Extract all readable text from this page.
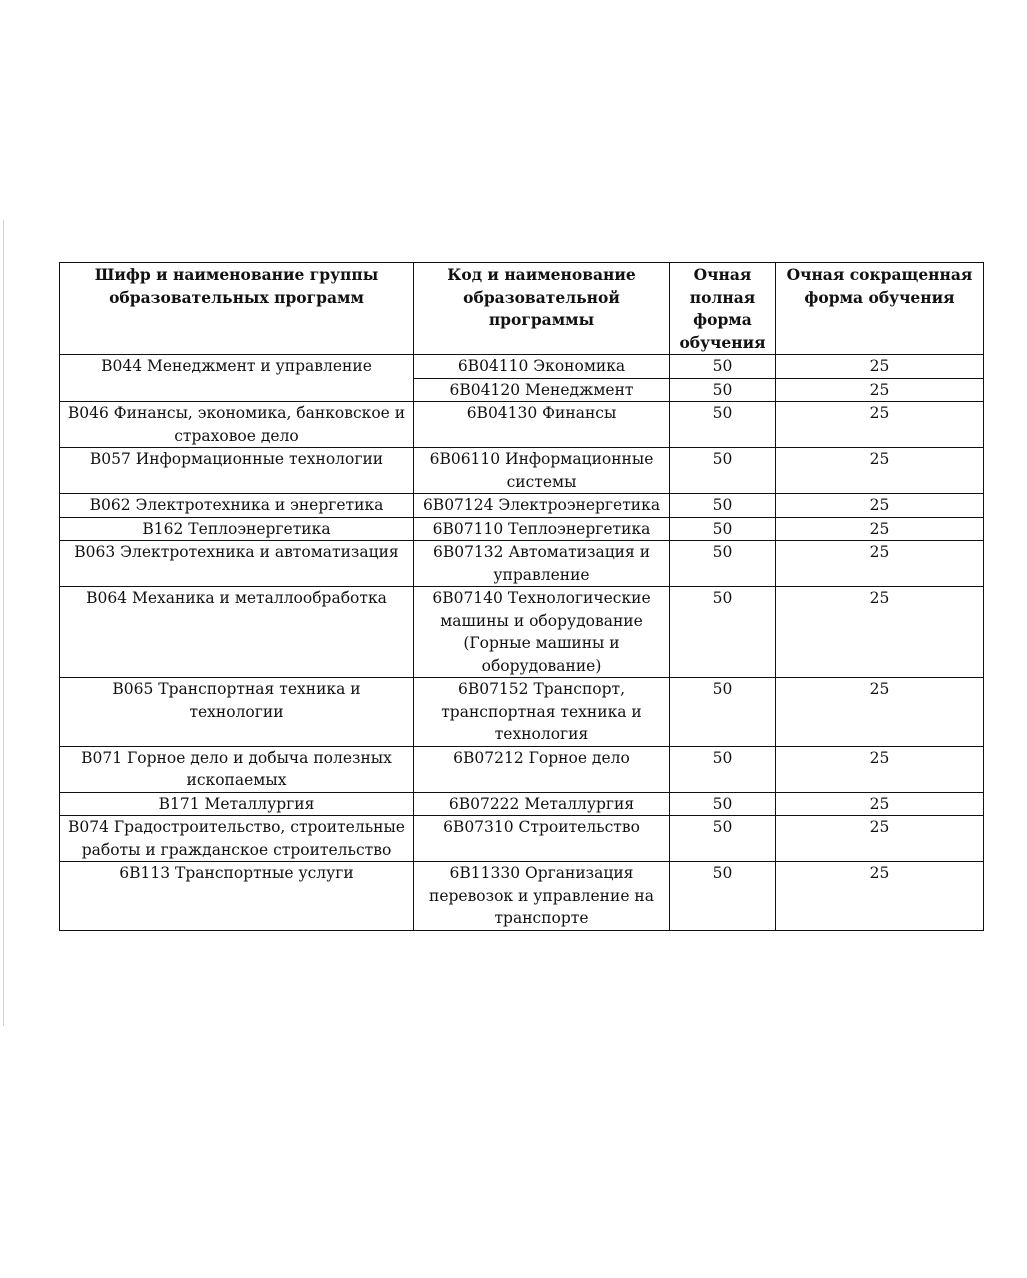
Шифр и наименование группы образовательных программ	Код и наименование образовательной программы	Очная полная форма обучения	Очная сокращенная форма обучения
В044 Менеджмент и управление	6В04110 Экономика	50	25
	6В04120 Менеджмент	50	25
В046 Финансы, экономика, банковское и страховое дело	6В04130 Финансы	50	25
В057 Информационные технологии	6В06110 Информационные системы	50	25
В062 Электротехника и энергетика	6В07124 Электроэнергетика	50	25
В162 Теплоэнергетика	6В07110 Теплоэнергетика	50	25
В063 Электротехника и автоматизация	6В07132 Автоматизация и управление	50	25
В064 Механика и металлообработка	6В07140 Технологические машины и оборудование (Горные машины и оборудование)	50	25
В065 Транспортная техника и технологии	6В07152 Транспорт, транспортная техника и технология	50	25
В071 Горное дело и добыча полезных ископаемых	6В07212 Горное дело	50	25
В171 Металлургия	6В07222 Металлургия	50	25
В074 Градостроительство, строительные работы и гражданское строительство	6В07310 Строительство	50	25
6В113 Транспортные услуги	6В11330 Организация перевозок и управление на транспорте	50	25
